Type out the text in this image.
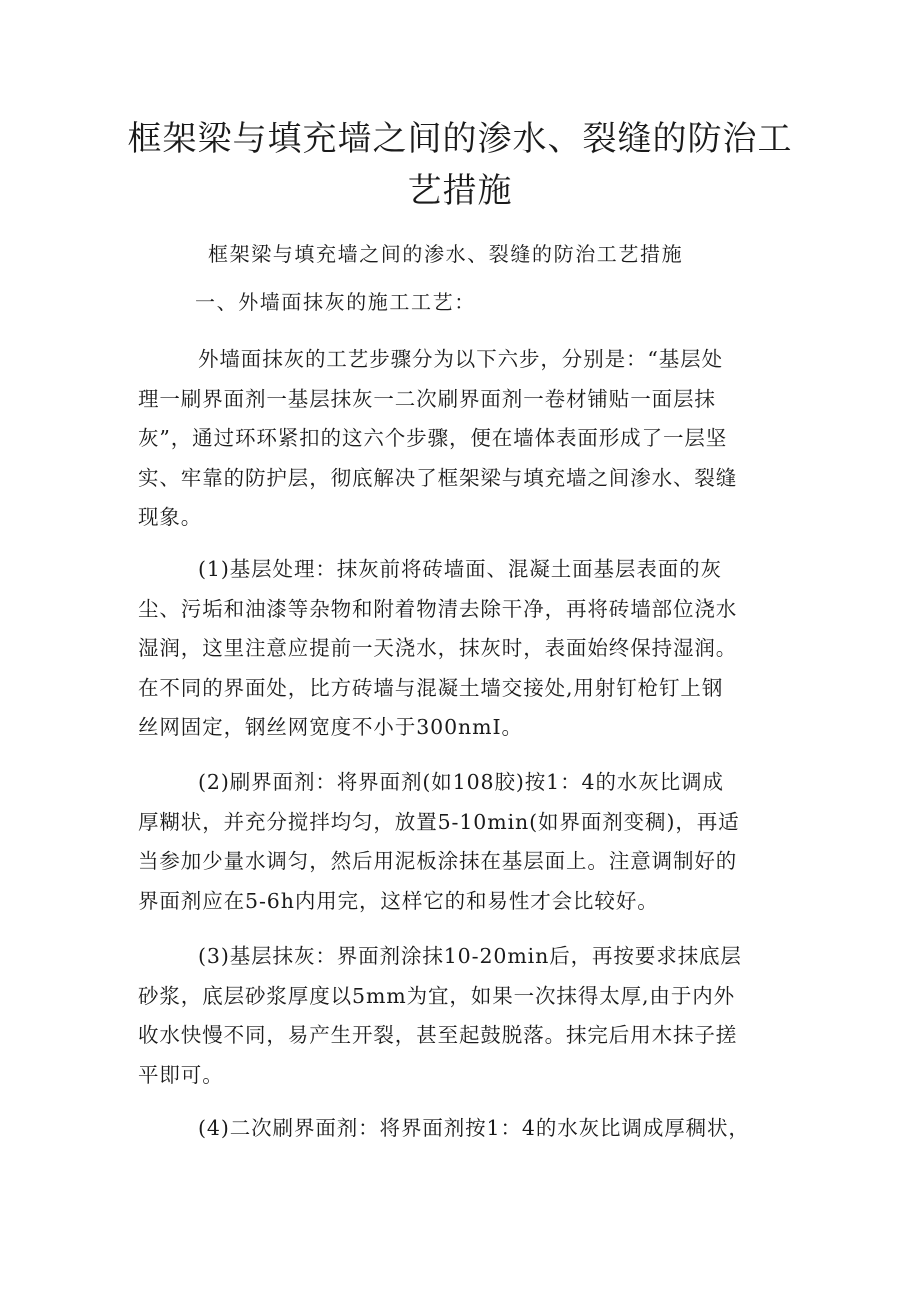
框架梁与填充墙之间的渗水、裂缝的防治工
艺措施
框架梁与填充墙之间的渗水、裂缝的防治工艺措施
一、外墙面抹灰的施工工艺：
外墙面抹灰的工艺步骤分为以下六步，分别是：“基层处
理一刷界面剂一基层抹灰一二次刷界面剂一卷材铺贴一面层抹
灰”，通过环环紧扣的这六个步骤，便在墙体表面形成了一层坚
实、牢靠的防护层，彻底解决了框架梁与填充墙之间渗水、裂缝
现象。
(1)基层处理：抹灰前将砖墙面、混凝土面基层表面的灰
尘、污垢和油漆等杂物和附着物清去除干净，再将砖墙部位浇水
湿润，这里注意应提前一天浇水，抹灰时，表面始终保持湿润。
在不同的界面处，比方砖墙与混凝土墙交接处,用射钉枪钉上钢
丝网固定，钢丝网宽度不小于300nmI。
(2)刷界面剂：将界面剂(如108胶)按1：4的水灰比调成
厚糊状，并充分搅拌均匀，放置5-10min(如界面剂变稠)，再适
当参加少量水调匀，然后用泥板涂抹在基层面上。注意调制好的
界面剂应在5-6h内用完，这样它的和易性才会比较好。
(3)基层抹灰：界面剂涂抹10-20min后，再按要求抹底层
砂浆，底层砂浆厚度以5mm为宜，如果一次抹得太厚,由于内外
收水快慢不同，易产生开裂，甚至起鼓脱落。抹完后用木抹子搓
平即可。
(4)二次刷界面剂：将界面剂按1：4的水灰比调成厚稠状，
